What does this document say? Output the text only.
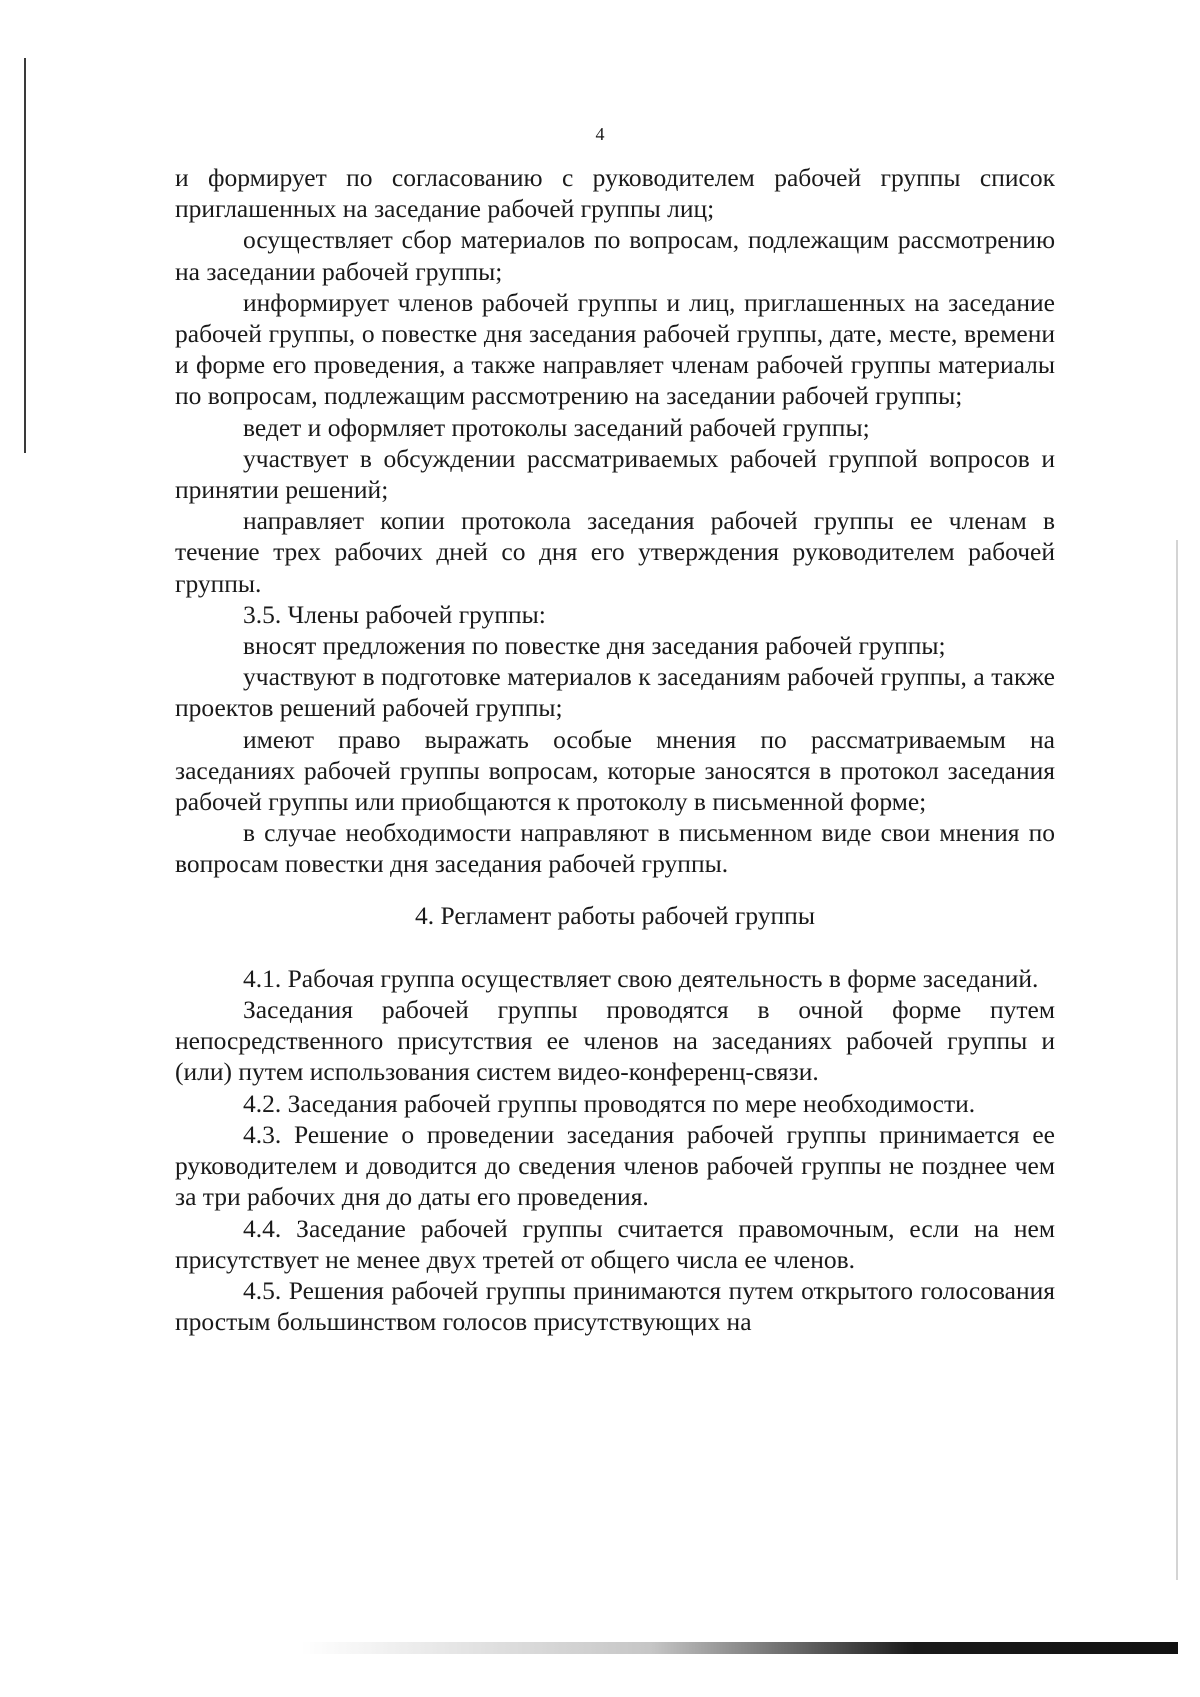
4

и формирует по согласованию с руководителем рабочей группы список приглашенных на заседание рабочей группы лиц;

осуществляет сбор материалов по вопросам, подлежащим рассмотрению на заседании рабочей группы;

информирует членов рабочей группы и лиц, приглашенных на заседание рабочей группы, о повестке дня заседания рабочей группы, дате, месте, времени и форме его проведения, а также направляет членам рабочей группы материалы по вопросам, подлежащим рассмотрению на заседании рабочей группы;

ведет и оформляет протоколы заседаний рабочей группы;

участвует в обсуждении рассматриваемых рабочей группой вопросов и принятии решений;

направляет копии протокола заседания рабочей группы ее членам в течение трех рабочих дней со дня его утверждения руководителем рабочей группы.

3.5. Члены рабочей группы:

вносят предложения по повестке дня заседания рабочей группы;

участвуют в подготовке материалов к заседаниям рабочей группы, а также проектов решений рабочей группы;

имеют право выражать особые мнения по рассматриваемым на заседаниях рабочей группы вопросам, которые заносятся в протокол заседания рабочей группы или приобщаются к протоколу в письменной форме;

в случае необходимости направляют в письменном виде свои мнения по вопросам повестки дня заседания рабочей группы.

4. Регламент работы рабочей группы

4.1. Рабочая группа осуществляет свою деятельность в форме заседаний.

Заседания рабочей группы проводятся в очной форме путем непосредственного присутствия ее членов на заседаниях рабочей группы и (или) путем использования систем видео-конференц-связи.

4.2. Заседания рабочей группы проводятся по мере необходимости.

4.3. Решение о проведении заседания рабочей группы принимается ее руководителем и доводится до сведения членов рабочей группы не позднее чем за три рабочих дня до даты его проведения.

4.4. Заседание рабочей группы считается правомочным, если на нем присутствует не менее двух третей от общего числа ее членов.

4.5. Решения рабочей группы принимаются путем открытого голосования простым большинством голосов присутствующих на
